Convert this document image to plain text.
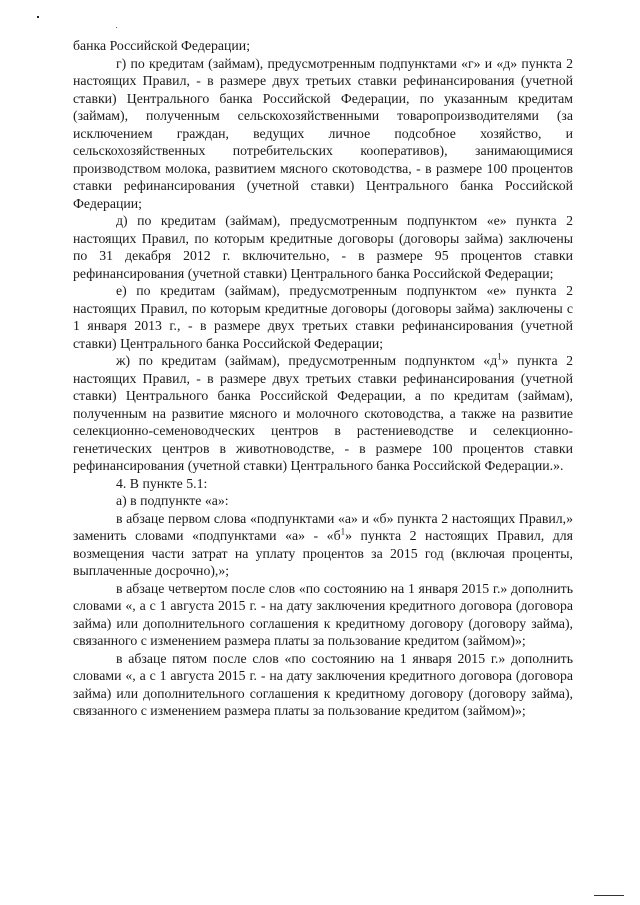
банка Российской Федерации;

г) по кредитам (займам), предусмотренным подпунктами «г» и «д» пункта 2 настоящих Правил, - в размере двух третьих ставки рефинансирования (учетной ставки) Центрального банка Российской Федерации, по указанным кредитам (займам), полученным сельскохозяйственными товаропроизводителями (за исключением граждан, ведущих личное подсобное хозяйство, и сельскохозяйственных потребительских кооперативов), занимающимися производством молока, развитием мясного скотоводства, - в размере 100 процентов ставки рефинансирования (учетной ставки) Центрального банка Российской Федерации;

д) по кредитам (займам), предусмотренным подпунктом «е» пункта 2 настоящих Правил, по которым кредитные договоры (договоры займа) заключены по 31 декабря 2012 г. включительно, - в размере 95 процентов ставки рефинансирования (учетной ставки) Центрального банка Российской Федерации;

е) по кредитам (займам), предусмотренным подпунктом «е» пункта 2 настоящих Правил, по которым кредитные договоры (договоры займа) заключены с 1 января 2013 г., - в размере двух третьих ставки рефинансирования (учетной ставки) Центрального банка Российской Федерации;

ж) по кредитам (займам), предусмотренным подпунктом «$д^1$» пункта 2 настоящих Правил, - в размере двух третьих ставки рефинансирования (учетной ставки) Центрального банка Российской Федерации, а по кредитам (займам), полученным на развитие мясного и молочного скотоводства, а также на развитие селекционно-семеноводческих центров в растениеводстве и селекционно-генетических центров в животноводстве, - в размере 100 процентов ставки рефинансирования (учетной ставки) Центрального банка Российской Федерации.».

4. В пункте 5.1:

а) в подпункте «а»:

в абзаце первом слова «подпунктами «а» и «б» пункта 2 настоящих Правил,» заменить словами «подпунктами «а» - «$б^1$» пункта 2 настоящих Правил, для возмещения части затрат на уплату процентов за 2015 год (включая проценты, выплаченные досрочно),»;

в абзаце четвертом после слов «по состоянию на 1 января 2015 г.» дополнить словами «, а с 1 августа 2015 г. - на дату заключения кредитного договора (договора займа) или дополнительного соглашения к кредитному договору (договору займа), связанного с изменением размера платы за пользование кредитом (займом)»;

в абзаце пятом после слов «по состоянию на 1 января 2015 г.» дополнить словами «, а с 1 августа 2015 г. - на дату заключения кредитного договора (договора займа) или дополнительного соглашения к кредитному договору (договору займа), связанного с изменением размера платы за пользование кредитом (займом)»;
